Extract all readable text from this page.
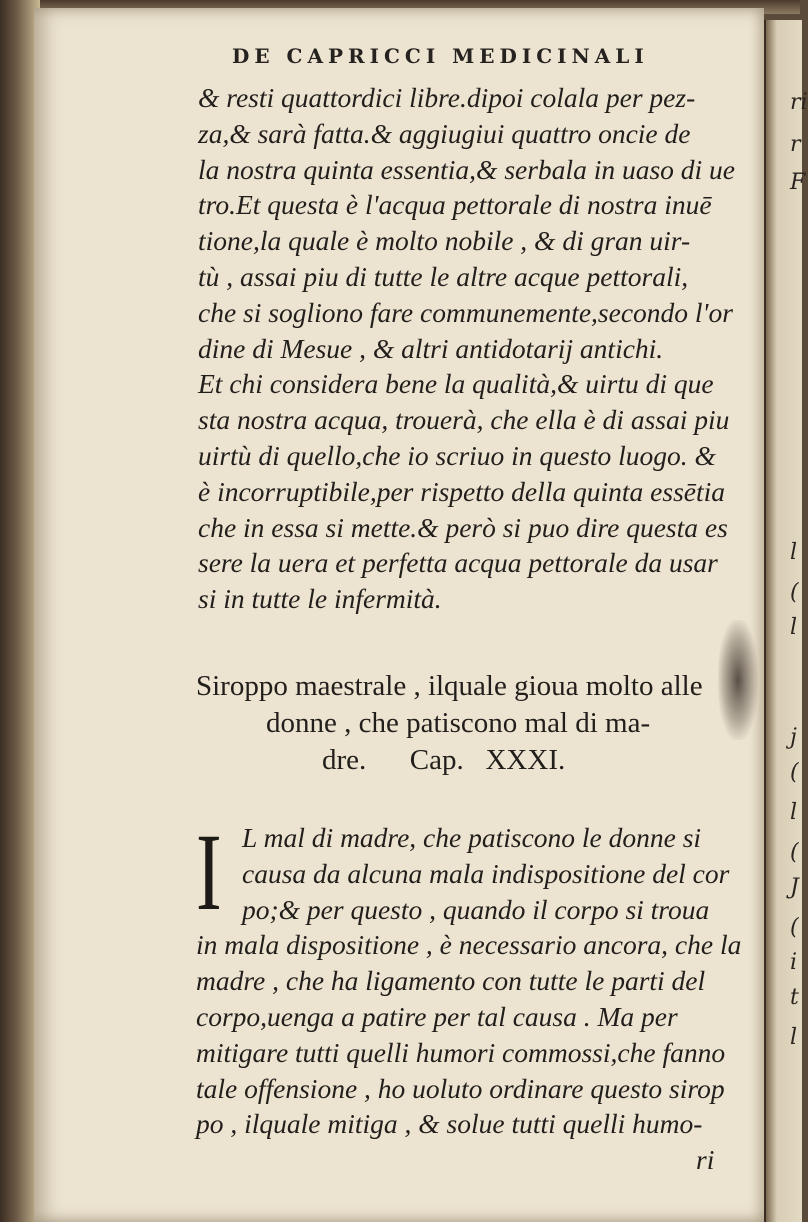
ri
r
F
l
(
l
j
(
l
(
J
(
i
t
l
DE CAPRICCI MEDICINALI
& resti quattordici libre.dipoi colala per pez-
za,& sarà fatta.& aggiugiui quattro oncie de
la nostra quinta essentia,& serbala in uaso di ue
tro.Et questa è l'acqua pettorale di nostra inuē
tione,la quale è molto nobile , & di gran uir-
tù , assai piu di tutte le altre acque pettorali,
che si sogliono fare communemente,secondo l'or
dine di Mesue , & altri antidotarij antichi.
Et chi considera bene la qualità,& uirtu di que
sta nostra acqua, trouerà, che ella è di assai piu
uirtù di quello,che io scriuo in questo luogo. &
è incorruptibile,per rispetto della quinta essētia
che in essa si mette.& però si puo dire questa es
sere la uera et perfetta acqua pettorale da usar
si in tutte le infermità.
Siroppo maestrale , ilquale gioua molto alle
donne , che patiscono mal di ma-
dre.      Cap.   XXXI.
I L mal di madre, che patiscono le donne si
causa da alcuna mala indispositione del cor
po;& per questo , quando il corpo si troua
in mala dispositione , è necessario ancora, che la
madre , che ha ligamento con tutte le parti del
corpo,uenga a patire per tal causa . Ma per
mitigare tutti quelli humori commossi,che fanno
tale offensione , ho uoluto ordinare questo sirop
po , ilquale mitiga , & solue tutti quelli humo-
ri
